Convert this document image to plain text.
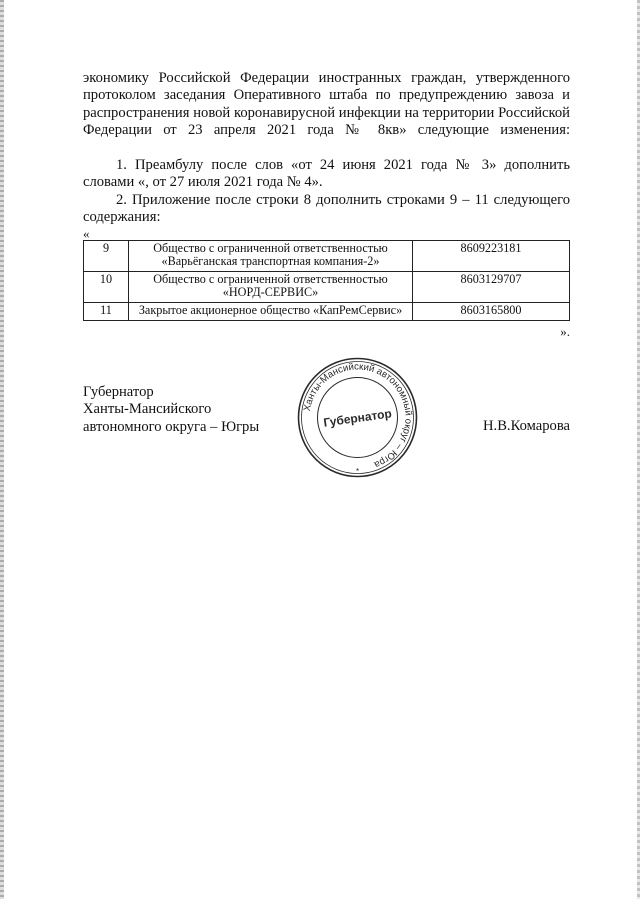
экономику Российской Федерации иностранных граждан, утвержденного протоколом заседания Оперативного штаба по предупреждению завоза и распространения новой коронавирусной инфекции на территории Российской Федерации от 23 апреля 2021 года № 8кв» следующие изменения:

1. Преамбулу после слов «от 24 июня 2021 года № 3» дополнить словами «, от 27 июля 2021 года № 4».

2. Приложение после строки 8 дополнить строками 9 – 11 следующего содержания:

«
9	Общество с ограниченной ответственностью «Варьёганская транспортная компания-2»	8609223181
10	Общество с ограниченной ответственностью «НОРД-СЕРВИС»	8603129707
11	Закрытое акционерное общество «КапРемСервис»	8603165800
».
Губернатор
Ханты-Мансийского
автономного округа – Югры	Н.В.Комарова
Ханты-Мансийский автономный округ – Югра
Губернатор
*
